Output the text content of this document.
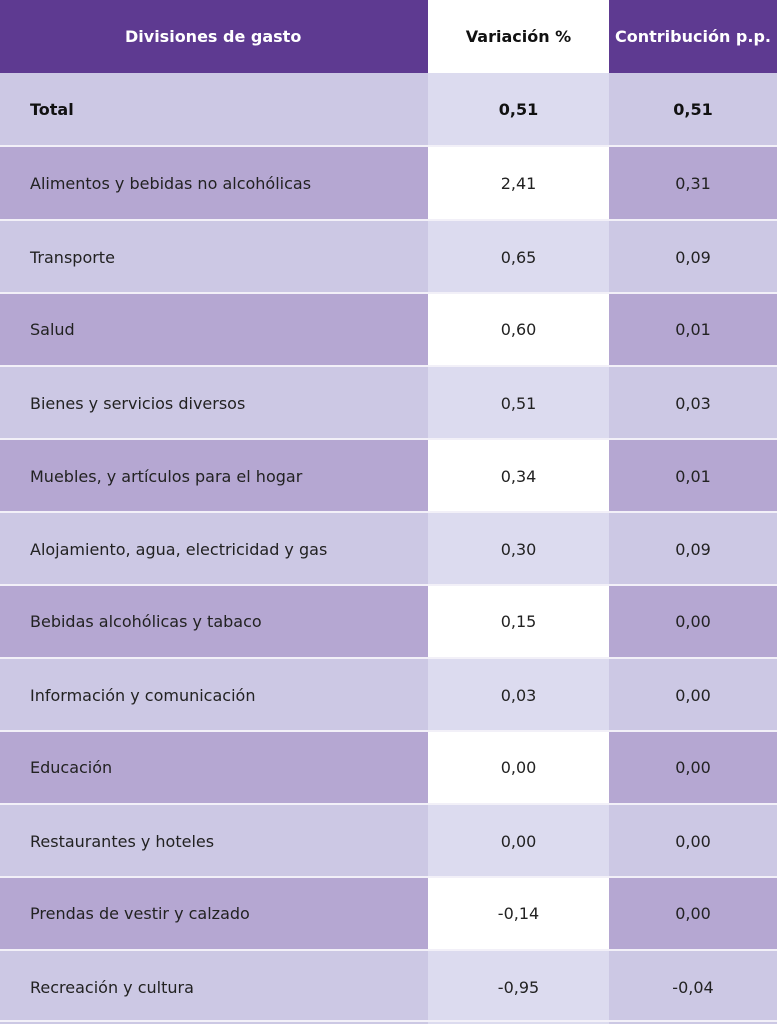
Divisiones de gasto	Variación %	Contribución p.p.
Total	0,51	0,51
Alimentos y bebidas no alcohólicas	2,41	0,31
Transporte	0,65	0,09
Salud	0,60	0,01
Bienes y servicios diversos	0,51	0,03
Muebles, y artículos para el hogar	0,34	0,01
Alojamiento, agua, electricidad y gas	0,30	0,09
Bebidas alcohólicas y tabaco	0,15	0,00
Información y comunicación	0,03	0,00
Educación	0,00	0,00
Restaurantes y hoteles	0,00	0,00
Prendas de vestir y calzado	-0,14	0,00
Recreación y cultura	-0,95	-0,04
